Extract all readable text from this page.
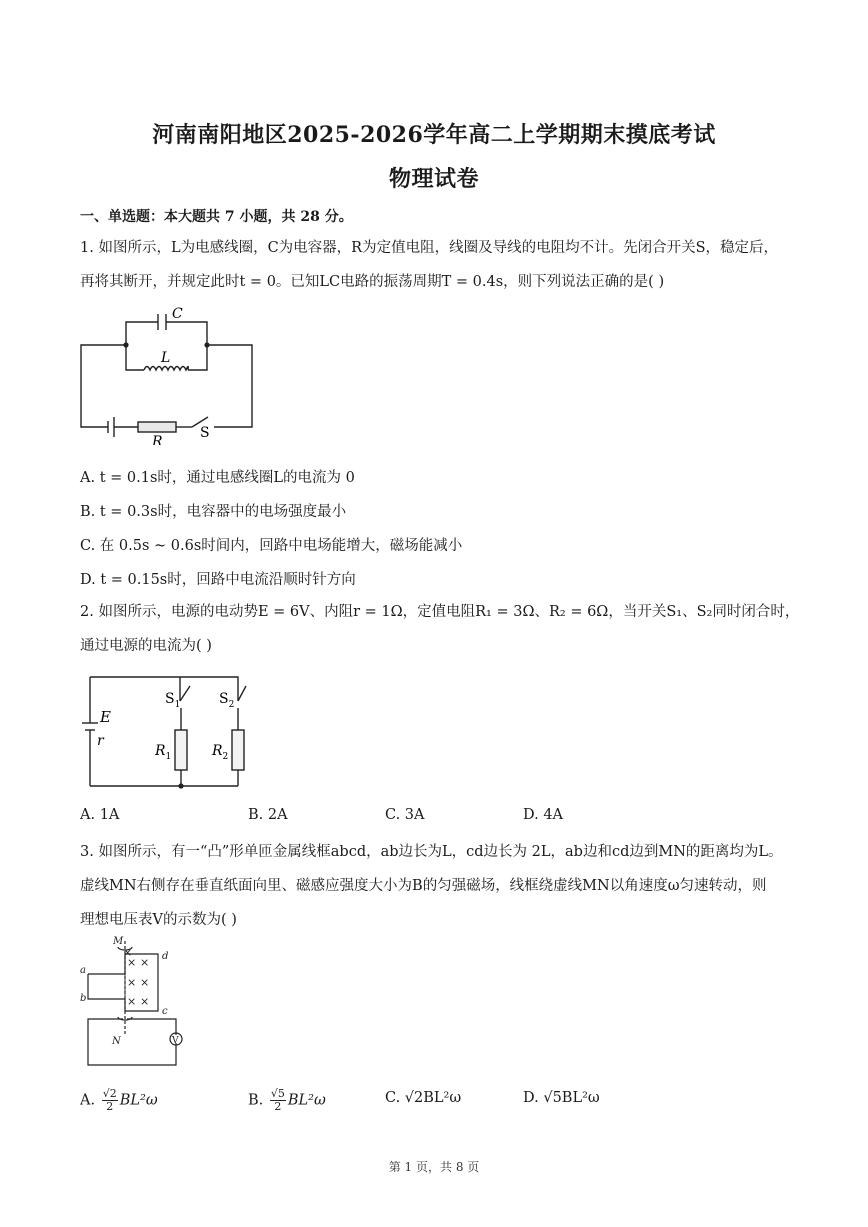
河南南阳地区2025-2026学年高二上学期期末摸底考试
物理试卷
一、单选题：本大题共 7 小题，共 28 分。
1. 如图所示，L为电感线圈，C为电容器，R为定值电阻，线圈及导线的电阻均不计。先闭合开关S，稳定后，
再将其断开，并规定此时t = 0。已知LC电路的振荡周期T = 0.4s，则下列说法正确的是( )
C
L
R
S
A. t = 0.1s时，通过电感线圈L的电流为 0
B. t = 0.3s时，电容器中的电场强度最小
C. 在 0.5s ~ 0.6s时间内，回路中电场能增大，磁场能减小
D. t = 0.15s时，回路中电流沿顺时针方向
2. 如图所示，电源的电动势E = 6V、内阻r = 1Ω，定值电阻R₁ = 3Ω、R₂ = 6Ω，当开关S₁、S₂同时闭合时，
通过电源的电流为( )
E
r
$S_1$	$S_2$
$R_1$	$R_2$
A. 1A	B. 2A	C. 3A	D. 4A
3. 如图所示，有一“凸”形单匝金属线框abcd，ab边长为L，cd边长为 2L，ab边和cd边到MN的距离均为L。
虚线MN右侧存在垂直纸面向里、磁感应强度大小为B的匀强磁场，线框绕虚线MN以角速度ω匀速转动，则
理想电压表V的示数为( )
×
×
× ×
× ×
×
M
N
a
b
c
d
V
A. $\frac{√2}{2} BL^2\omega$	B. $\frac{√5}{2} BL^2\omega$	C. √2BL²ω	D. √5BL²ω
第 1 页，共 8 页
